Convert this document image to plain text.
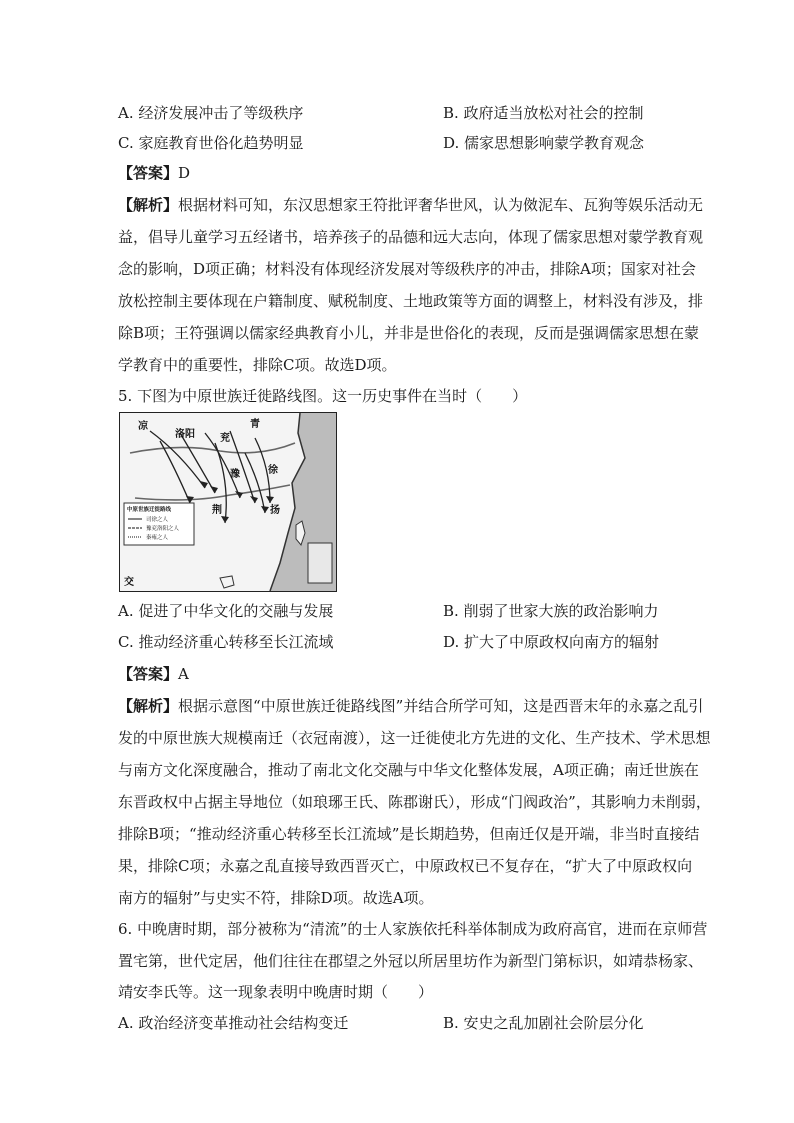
A. 经济发展冲击了等级秩序	B. 政府适当放松对社会的控制
C. 家庭教育世俗化趋势明显	D. 儒家思想影响蒙学教育观念
【答案】D
【解析】根据材料可知，东汉思想家王符批评奢华世风，认为傚泥车、瓦狗等娱乐活动无
益，倡导儿童学习五经诸书，培养孩子的品德和远大志向，体现了儒家思想对蒙学教育观
念的影响，D项正确；材料没有体现经济发展对等级秩序的冲击，排除A项；国家对社会
放松控制主要体现在户籍制度、赋税制度、土地政策等方面的调整上，材料没有涉及，排
除B项；王符强调以儒家经典教育小儿，并非是世俗化的表现，反而是强调儒家思想在蒙
学教育中的重要性，排除C项。故选D项。
5. 下图为中原世族迁徙路线图。这一历史事件在当时（　　）
凉
洛阳	兖
青
豫	徐
扬
荆
交
中原世族迁徙路线
司徐之人
豫兖洛阳之人
秦雍之人
A. 促进了中华文化的交融与发展	B. 削弱了世家大族的政治影响力
C. 推动经济重心转移至长江流域	D. 扩大了中原政权向南方的辐射
【答案】A
【解析】根据示意图“中原世族迁徙路线图”并结合所学可知，这是西晋末年的永嘉之乱引
发的中原世族大规模南迁（衣冠南渡），这一迁徙使北方先进的文化、生产技术、学术思想
与南方文化深度融合，推动了南北文化交融与中华文化整体发展，A项正确；南迁世族在
东晋政权中占据主导地位（如琅琊王氏、陈郡谢氏），形成“门阀政治”，其影响力未削弱，
排除B项；“推动经济重心转移至长江流域”是长期趋势，但南迁仅是开端，非当时直接结
果，排除C项；永嘉之乱直接导致西晋灭亡，中原政权已不复存在，“扩大了中原政权向
南方的辐射”与史实不符，排除D项。故选A项。
6. 中晚唐时期，部分被称为“清流”的士人家族依托科举体制成为政府高官，进而在京师营
置宅第，世代定居，他们往往在郡望之外冠以所居里坊作为新型门第标识，如靖恭杨家、
靖安李氏等。这一现象表明中晚唐时期（　　）
A. 政治经济变革推动社会结构变迁	B. 安史之乱加剧社会阶层分化
